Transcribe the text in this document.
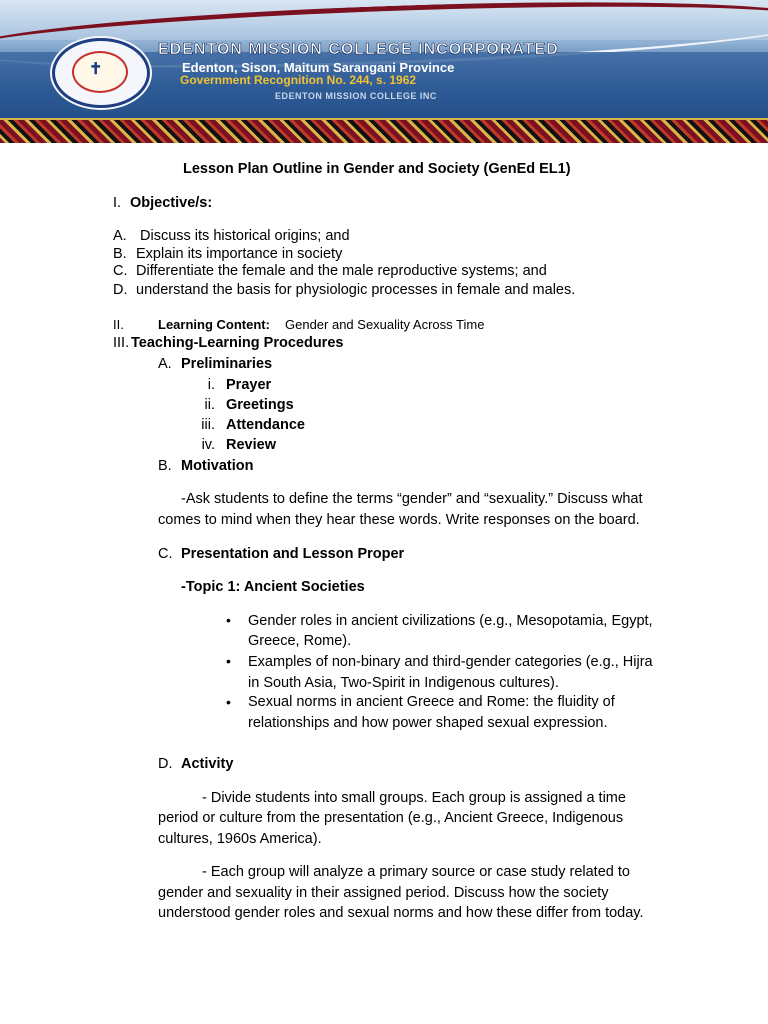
EDENTON MISSION COLLEGE INC
✝
EDENTON MISSION COLLEGE INCORPORATED
Edenton, Sison, Maitum Sarangani Province
Government Recognition No. 244, s. 1962
Lesson Plan Outline in Gender and Society (GenEd EL1)
I. Objective/s:
A. Discuss its historical origins; and
B. Explain its importance in society
C. Differentiate the female and the male reproductive systems; and
D. understand the basis for physiologic processes in female and males.
II.	Learning Content: Gender and Sexuality Across Time
III. Teaching-Learning Procedures
A. Preliminaries
i. Prayer
ii. Greetings
iii. Attendance
iv. Review
B. Motivation
-Ask students to define the terms “gender” and “sexuality.” Discuss what
comes to mind when they hear these words. Write responses on the board.
C. Presentation and Lesson Proper
-Topic 1: Ancient Societies
• Gender roles in ancient civilizations (e.g., Mesopotamia, Egypt,
Greece, Rome).
• Examples of non-binary and third-gender categories (e.g., Hijra
in South Asia, Two-Spirit in Indigenous cultures).
• Sexual norms in ancient Greece and Rome: the fluidity of
relationships and how power shaped sexual expression.
D. Activity
- Divide students into small groups. Each group is assigned a time
period or culture from the presentation (e.g., Ancient Greece, Indigenous
cultures, 1960s America).
- Each group will analyze a primary source or case study related to
gender and sexuality in their assigned period. Discuss how the society
understood gender roles and sexual norms and how these differ from today.
